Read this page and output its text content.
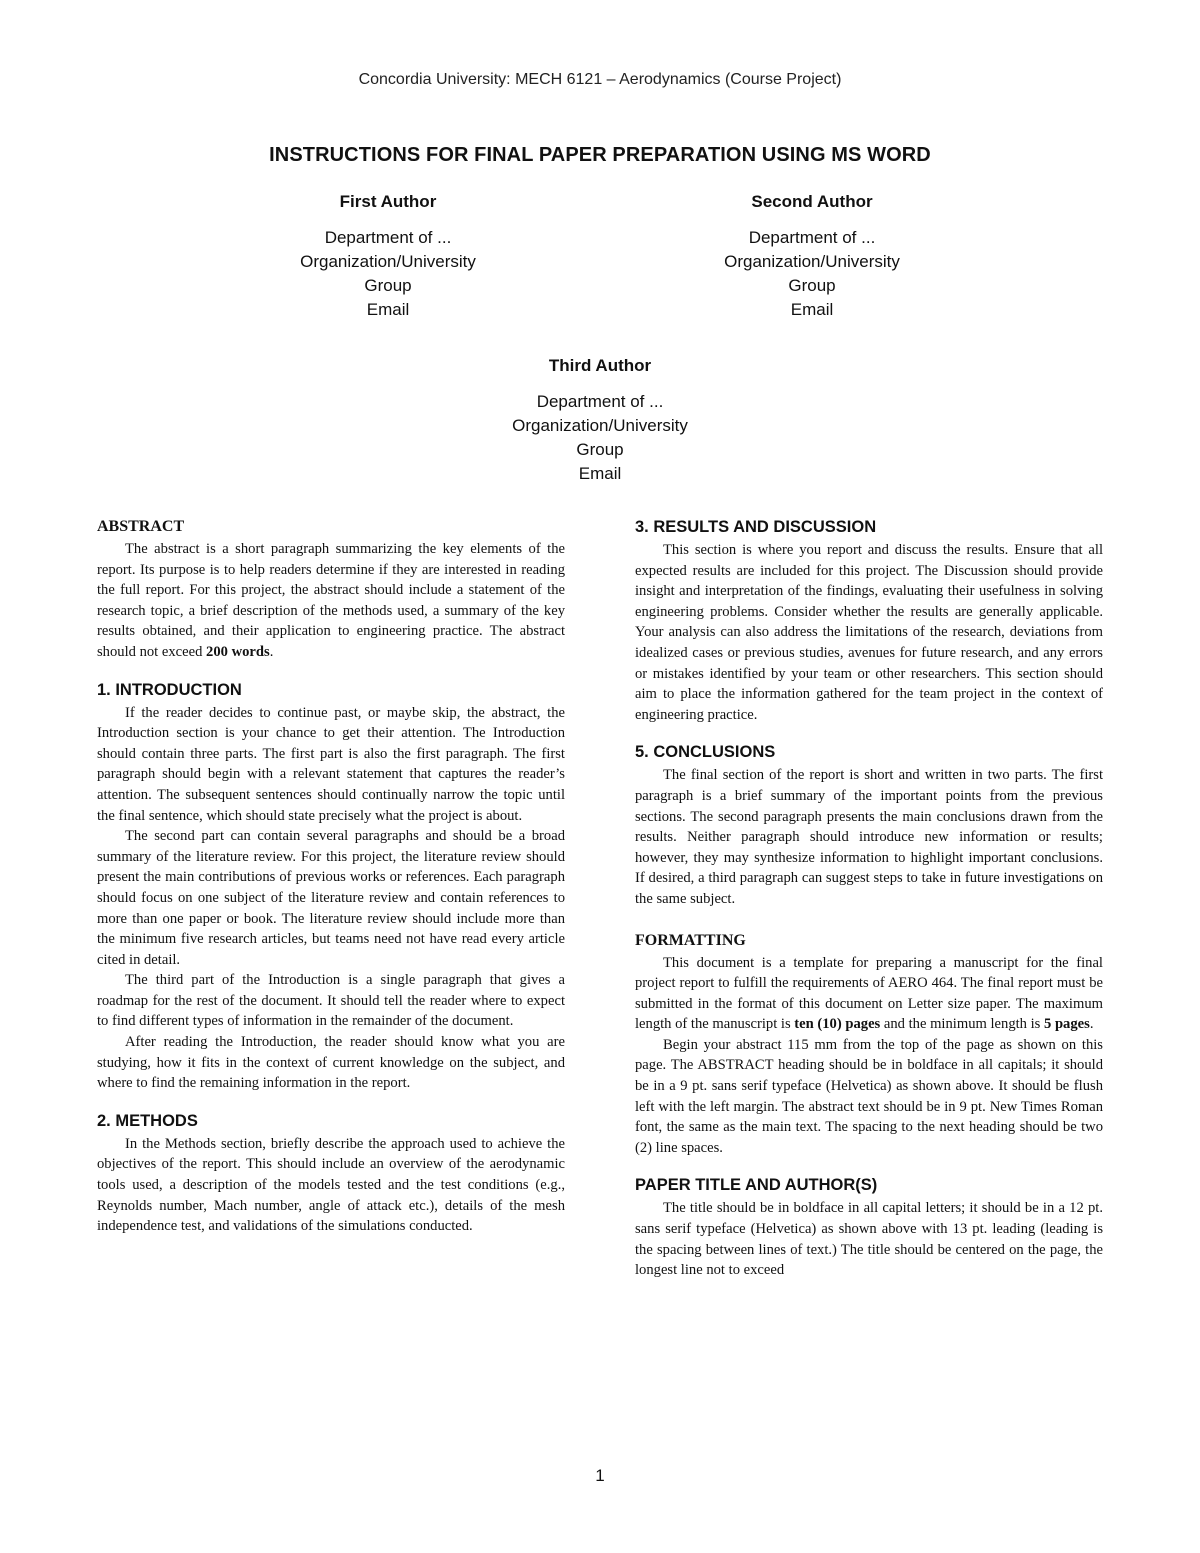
Concordia University: MECH 6121 – Aerodynamics (Course Project)
INSTRUCTIONS FOR FINAL PAPER PREPARATION USING MS WORD
First Author
Department of ...
Organization/University
Group
Email
Second Author
Department of ...
Organization/University
Group
Email
Third Author
Department of ...
Organization/University
Group
Email
ABSTRACT

The abstract is a short paragraph summarizing the key elements of the report. Its purpose is to help readers determine if they are interested in reading the full report. For this project, the abstract should include a statement of the research topic, a brief description of the methods used, a summary of the key results obtained, and their application to engineering practice. The abstract should not exceed 200 words.

1. INTRODUCTION

If the reader decides to continue past, or maybe skip, the abstract, the Introduction section is your chance to get their attention. The Introduction should contain three parts. The first part is also the first paragraph. The first paragraph should begin with a relevant statement that captures the reader’s attention. The subsequent sentences should continually narrow the topic until the final sentence, which should state precisely what the project is about.

The second part can contain several paragraphs and should be a broad summary of the literature review. For this project, the literature review should present the main contributions of previous works or references. Each paragraph should focus on one subject of the literature review and contain references to more than one paper or book. The literature review should include more than the minimum five research articles, but teams need not have read every article cited in detail.

The third part of the Introduction is a single paragraph that gives a roadmap for the rest of the document. It should tell the reader where to expect to find different types of information in the remainder of the document.

After reading the Introduction, the reader should know what you are studying, how it fits in the context of current knowledge on the subject, and where to find the remaining information in the report.

2. METHODS

In the Methods section, briefly describe the approach used to achieve the objectives of the report. This should include an overview of the aerodynamic tools used, a description of the models tested and the test conditions (e.g., Reynolds number, Mach number, angle of attack etc.), details of the mesh independence test, and validations of the simulations conducted.

3. RESULTS AND DISCUSSION

This section is where you report and discuss the results. Ensure that all expected results are included for this project. The Discussion should provide insight and interpretation of the findings, evaluating their usefulness in solving engineering problems. Consider whether the results are generally applicable. Your analysis can also address the limitations of the research, deviations from idealized cases or previous studies, avenues for future research, and any errors or mistakes identified by your team or other researchers. This section should aim to place the information gathered for the team project in the context of engineering practice.

5. CONCLUSIONS

The final section of the report is short and written in two parts. The first paragraph is a brief summary of the important points from the previous sections. The second paragraph presents the main conclusions drawn from the results. Neither paragraph should introduce new information or results; however, they may synthesize information to highlight important conclusions. If desired, a third paragraph can suggest steps to take in future investigations on the same subject.

FORMATTING

This document is a template for preparing a manuscript for the final project report to fulfill the requirements of AERO 464. The final report must be submitted in the format of this document on Letter size paper. The maximum length of the manuscript is ten (10) pages and the minimum length is 5 pages.

Begin your abstract 115 mm from the top of the page as shown on this page. The ABSTRACT heading should be in boldface in all capitals; it should be in a 9 pt. sans serif typeface (Helvetica) as shown above. It should be flush left with the left margin. The abstract text should be in 9 pt. New Times Roman font, the same as the main text. The spacing to the next heading should be two (2) line spaces.

PAPER TITLE AND AUTHOR(S)

The title should be in boldface in all capital letters; it should be in a 12 pt. sans serif typeface (Helvetica) as shown above with 13 pt. leading (leading is the spacing between lines of text.) The title should be centered on the page, the longest line not to exceed

1
